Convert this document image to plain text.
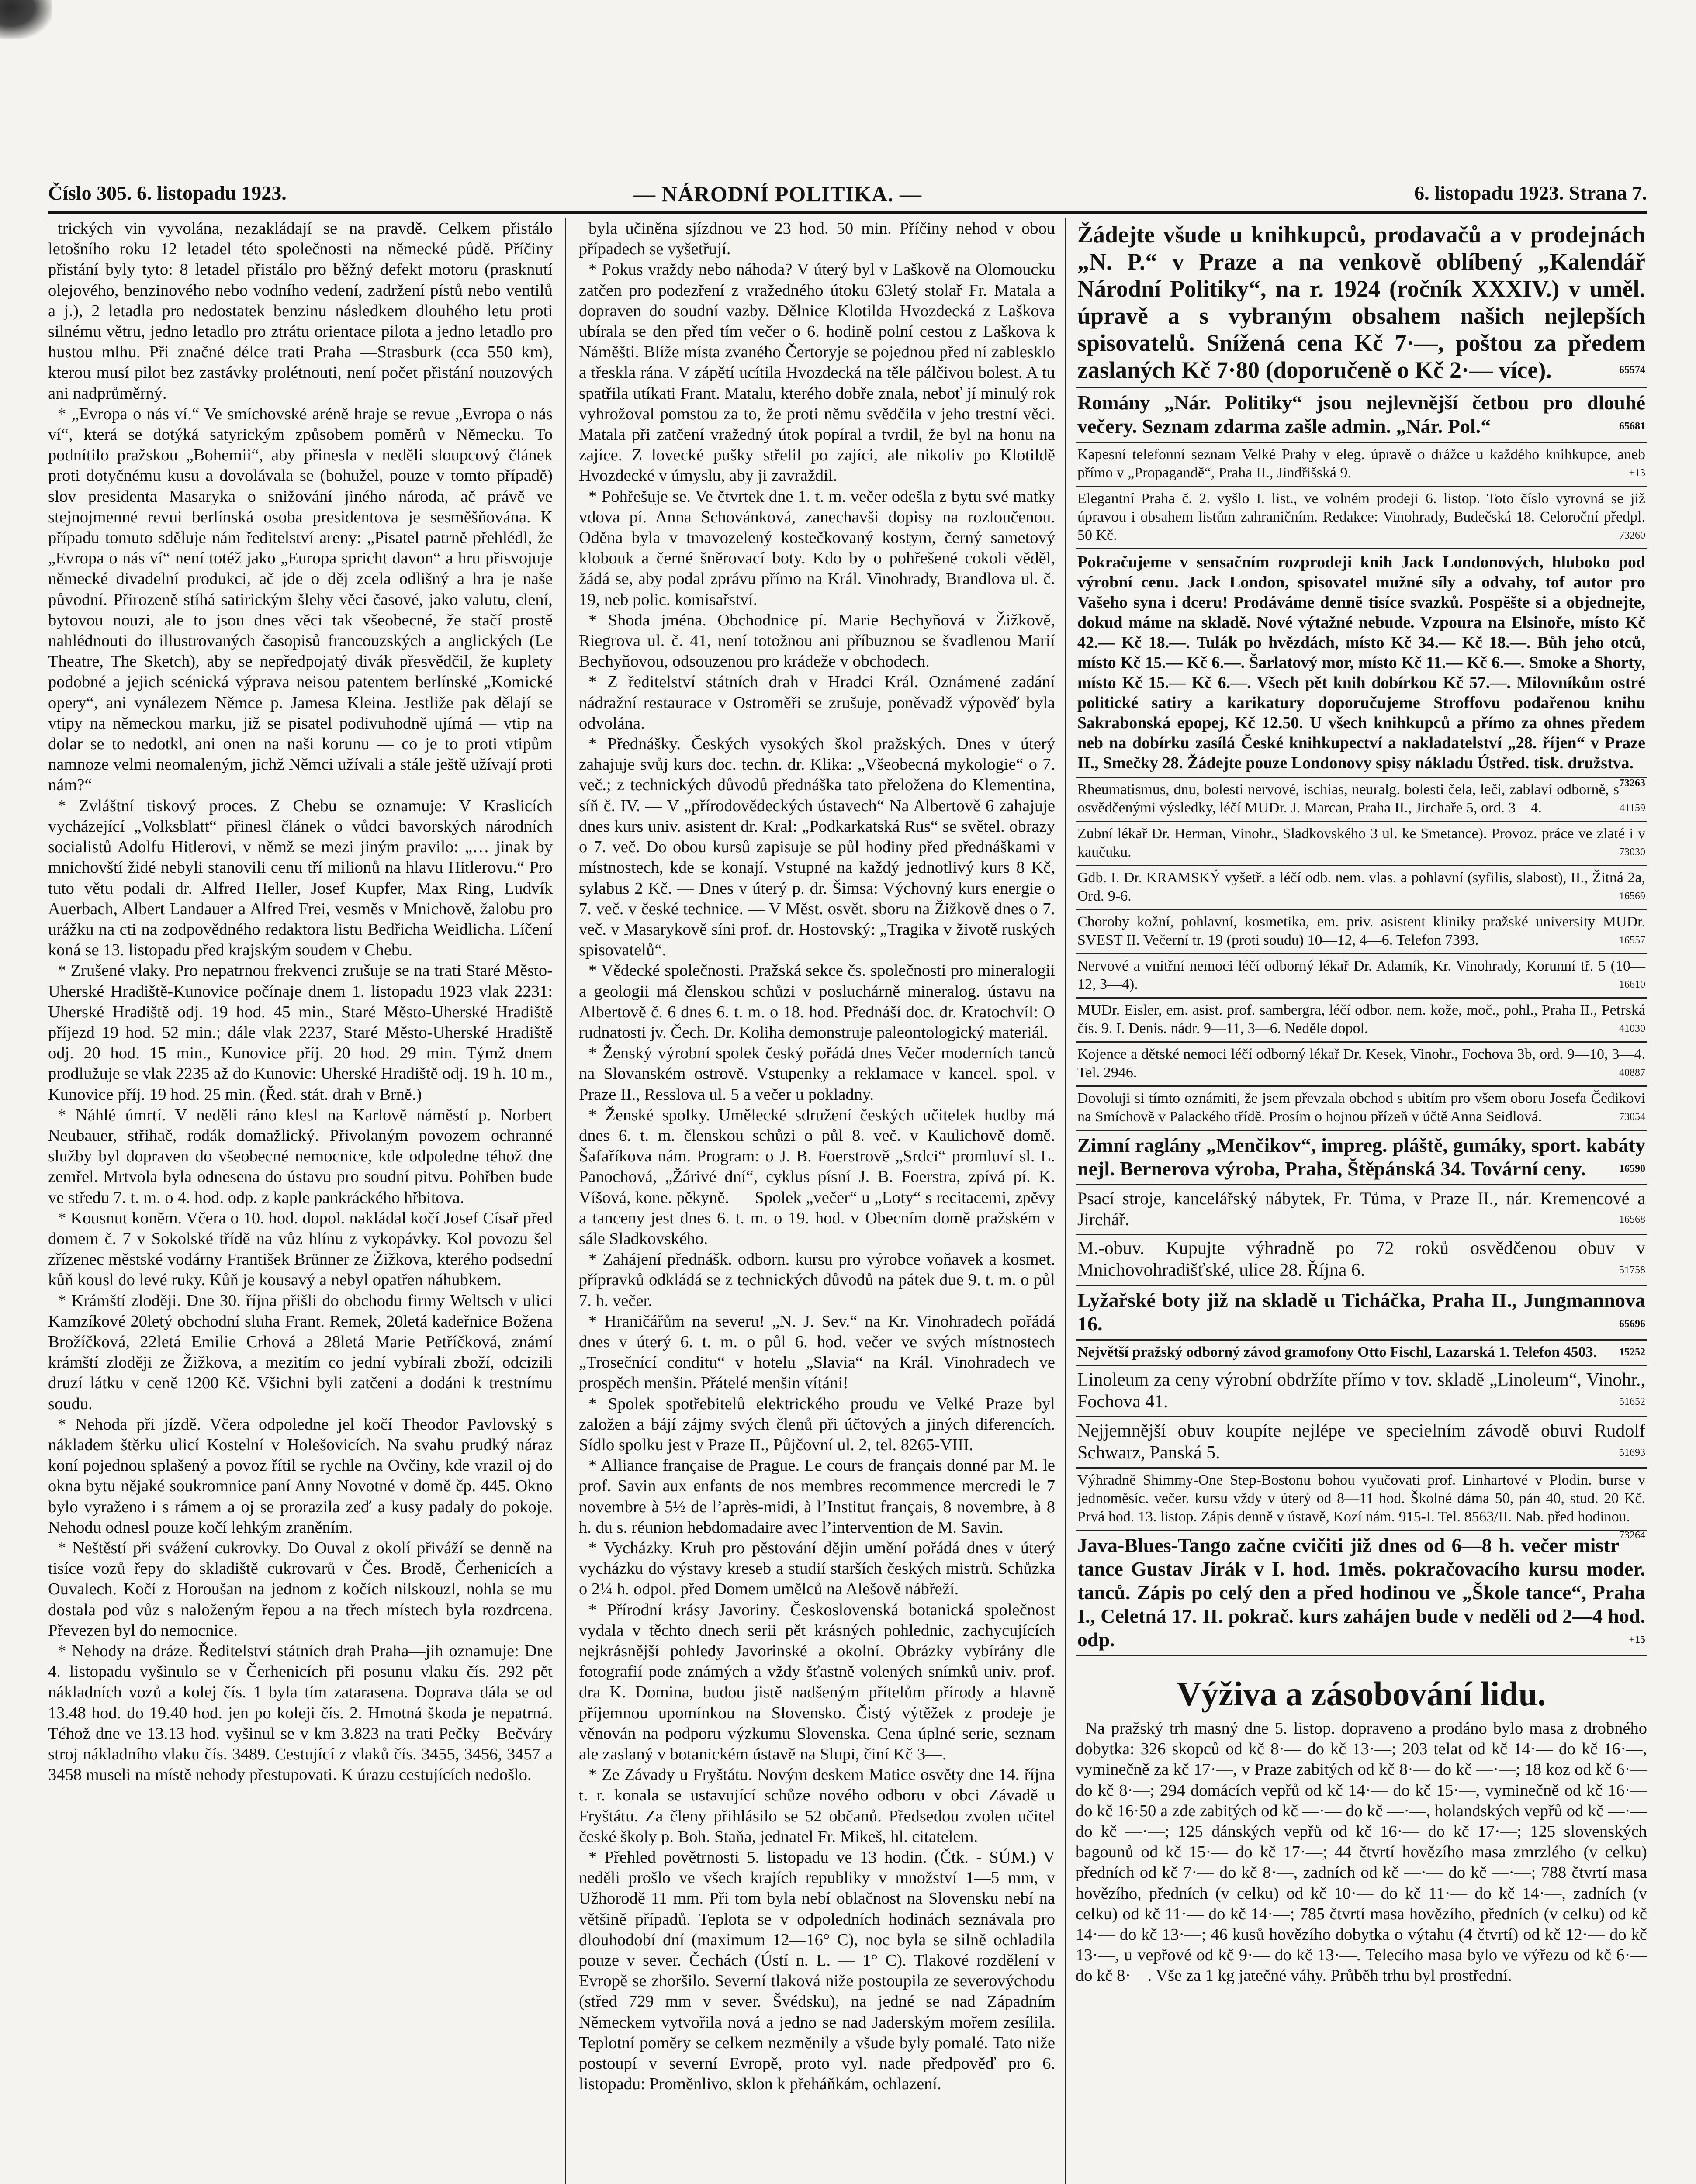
Číslo 305. 6. listopadu 1923.	— NÁRODNÍ POLITIKA. —	6. listopadu 1923. Strana 7.

trických vin vyvolána, nezakládají se na pravdě. Celkem přistálo letošního roku 12 letadel této společnosti na německé půdě. Příčiny přistání byly tyto: 8 letadel přistálo pro běžný defekt motoru (prasknutí olejového, benzinového nebo vodního vedení, zadržení pístů nebo ventilů a j.), 2 letadla pro nedostatek benzinu následkem dlouhého letu proti silnému větru, jedno letadlo pro ztrátu orientace pilota a jedno letadlo pro hustou mlhu. Při značné délce trati Praha —Strasburk (cca 550 km), kterou musí pilot bez zastávky prolétnouti, není počet přistání nouzových ani nadprůměrný.

* „Evropa o nás ví.“ Ve smíchovské aréně hraje se revue „Evropa o nás ví“, která se dotýká satyrickým způsobem poměrů v Německu. To podnítilo pražskou „Bohemii“, aby přinesla v neděli sloupcový článek proti dotyčnému kusu a dovolávala se (bohužel, pouze v tomto případě) slov presidenta Masaryka o snižování jiného národa, ač právě ve stejnojmenné revui berlínská osoba presidentova je sesměšňována. K případu tomuto sděluje nám ředitelství areny: „Pisatel patrně přehlédl, že „Evropa o nás ví“ není totéž jako „Europa spricht davon“ a hru přisvojuje německé divadelní produkci, ač jde o děj zcela odlišný a hra je naše původní. Přirozeně stíhá satirickým šlehy věci časové, jako valutu, clení, bytovou nouzi, ale to jsou dnes věci tak všeobecné, že stačí prostě nahlédnouti do illustrovaných časopisů francouzských a anglických (Le Theatre, The Sketch), aby se nepředpojatý divák přesvědčil, že kuplety podobné a jejich scénická výprava neisou patentem berlínské „Komické opery“, ani vynálezem Němce p. Jamesa Kleina. Jestliže pak dělají se vtipy na německou marku, již se pisatel podivuhodně ujímá — vtip na dolar se to nedotkl, ani onen na naši korunu — co je to proti vtipům namnoze velmi neomaleným, jichž Němci užívali a stále ještě užívají proti nám?“

* Zvláštní tiskový proces. Z Chebu se oznamuje: V Kraslicích vycházející „Volksblatt“ přinesl článek o vůdci bavorských národních socialistů Adolfu Hitlerovi, v němž se mezi jiným pravilo: „… jinak by mnichovští židé nebyli stanovili cenu tří milionů na hlavu Hitlerovu.“ Pro tuto větu podali dr. Alfred Heller, Josef Kupfer, Max Ring, Ludvík Auerbach, Albert Landauer a Alfred Frei, vesměs v Mnichově, žalobu pro urážku na cti na zodpovědného redaktora listu Bedřicha Weidlicha. Líčení koná se 13. listopadu před krajským soudem v Chebu.

* Zrušené vlaky. Pro nepatrnou frekvenci zrušuje se na trati Staré Město-Uherské Hradiště-Kunovice počínaje dnem 1. listopadu 1923 vlak 2231: Uherské Hradiště odj. 19 hod. 45 min., Staré Město-Uherské Hradiště příjezd 19 hod. 52 min.; dále vlak 2237, Staré Město-Uherské Hradiště odj. 20 hod. 15 min., Kunovice příj. 20 hod. 29 min. Týmž dnem prodlužuje se vlak 2235 až do Kunovic: Uherské Hradiště odj. 19 h. 10 m., Kunovice příj. 19 hod. 25 min. (Řed. stát. drah v Brně.)

* Náhlé úmrtí. V neděli ráno klesl na Karlově náměstí p. Norbert Neubauer, střihač, rodák domažlický. Přivolaným povozem ochranné služby byl dopraven do všeobecné nemocnice, kde odpoledne téhož dne zemřel. Mrtvola byla odnesena do ústavu pro soudní pitvu. Pohřben bude ve středu 7. t. m. o 4. hod. odp. z kaple pankráckého hřbitova.

* Kousnut koněm. Včera o 10. hod. dopol. nakládal kočí Josef Císař před domem č. 7 v Sokolské třídě na vůz hlínu z vykopávky. Kol povozu šel zřízenec městské vodárny František Brünner ze Žižkova, kterého podsední kůň kousl do levé ruky. Kůň je kousavý a nebyl opatřen náhubkem.

* Krámští zloději. Dne 30. října přišli do obchodu firmy Weltsch v ulici Kamzíkové 20letý obchodní sluha Frant. Remek, 20letá kadeřnice Božena Brožíčková, 22letá Emilie Crhová a 28letá Marie Petříčková, známí krámští zloději ze Žižkova, a mezitím co jední vybírali zboží, odcizili druzí látku v ceně 1200 Kč. Všichni byli zatčeni a dodáni k trestnímu soudu.

* Nehoda při jízdě. Včera odpoledne jel kočí Theodor Pavlovský s nákladem štěrku ulicí Kostelní v Holešovicích. Na svahu prudký náraz koní pojednou splašený a povoz řítil se rychle na Ovčiny, kde vrazil oj do okna bytu nějaké soukromnice paní Anny Novotné v domě čp. 445. Okno bylo vyraženo i s rámem a oj se prorazila zeď a kusy padaly do pokoje. Nehodu odnesl pouze kočí lehkým zraněním.

* Neštěstí při svážení cukrovky. Do Ouval z okolí přiváží se denně na tisíce vozů řepy do skladiště cukrovarů v Čes. Brodě, Čerhenicích a Ouvalech. Kočí z Horoušan na jednom z kočích nilskouzl, nohla se mu dostala pod vůz s naloženým řepou a na třech místech byla rozdrcena. Převezen byl do nemocnice.

* Nehody na dráze. Ředitelství státních drah Praha—jih oznamuje: Dne 4. listopadu vyšinulo se v Čerhenicích při posunu vlaku čís. 292 pět nákladních vozů a kolej čís. 1 byla tím zatarasena. Doprava dála se od 13.48 hod. do 19.40 hod. jen po koleji čís. 2. Hmotná škoda je nepatrná. Téhož dne ve 13.13 hod. vyšinul se v km 3.823 na trati Pečky—Bečváry stroj nákladního vlaku čís. 3489. Cestující z vlaků čís. 3455, 3456, 3457 a 3458 museli na místě nehody přestupovati. K úrazu cestujících nedošlo.

byla učiněna sjízdnou ve 23 hod. 50 min. Příčiny nehod v obou případech se vyšetřují.

* Pokus vraždy nebo náhoda? V úterý byl v Laškově na Olomoucku zatčen pro podezření z vražedného útoku 63letý stolař Fr. Matala a dopraven do soudní vazby. Dělnice Klotilda Hvozdecká z Laškova ubírala se den před tím večer o 6. hodině polní cestou z Laškova k Náměšti. Blíže místa zvaného Čertoryje se pojednou před ní zablesklo a třeskla rána. V zápětí ucítila Hvozdecká na těle pálčivou bolest. A tu spatřila utíkati Frant. Matalu, kterého dobře znala, neboť jí minulý rok vyhrožoval pomstou za to, že proti němu svědčila v jeho trestní věci. Matala při zatčení vražedný útok popíral a tvrdil, že byl na honu na zajíce. Z lovecké pušky střelil po zajíci, ale nikoliv po Klotildě Hvozdecké v úmyslu, aby ji zavraždil.

* Pohřešuje se. Ve čtvrtek dne 1. t. m. večer odešla z bytu své matky vdova pí. Anna Schovánková, zanechavši dopisy na rozloučenou. Oděna byla v tmavozelený kostečkovaný kostym, černý sametový klobouk a černé šněrovací boty. Kdo by o pohřešené cokoli věděl, žádá se, aby podal zprávu přímo na Král. Vinohrady, Brandlova ul. č. 19, neb polic. komisařství.

* Shoda jména. Obchodnice pí. Marie Bechyňová v Žižkově, Riegrova ul. č. 41, není totožnou ani příbuznou se švadlenou Marií Bechyňovou, odsouzenou pro krádeže v obchodech.

* Z ředitelství státních drah v Hradci Král. Oznámené zadání nádražní restaurace v Ostroměři se zrušuje, poněvadž výpověď byla odvolána.

* Přednášky. Českých vysokých škol pražských. Dnes v úterý zahajuje svůj kurs doc. techn. dr. Klika: „Všeobecná mykologie“ o 7. več.; z technických důvodů přednáška tato přeložena do Klementina, síň č. IV. — V „přírodovědeckých ústavech“ Na Albertově 6 zahajuje dnes kurs univ. asistent dr. Kral: „Podkarkatská Rus“ se světel. obrazy o 7. več. Do obou kursů zapisuje se půl hodiny před přednáškami v místnostech, kde se konají. Vstupné na každý jednotlivý kurs 8 Kč, sylabus 2 Kč. — Dnes v úterý p. dr. Šimsa: Výchovný kurs energie o 7. več. v české technice. — V Měst. osvět. sboru na Žižkově dnes o 7. več. v Masarykově síni prof. dr. Hostovský: „Tragika v životě ruských spisovatelů“.

* Vědecké společnosti. Pražská sekce čs. společnosti pro mineralogii a geologii má členskou schůzi v posluchárně mineralog. ústavu na Albertově č. 6 dnes 6. t. m. o 18. hod. Přednáší doc. dr. Kratochvíl: O rudnatosti jv. Čech. Dr. Koliha demonstruje paleontologický materiál.

* Ženský výrobní spolek český pořádá dnes Večer moderních tanců na Slovanském ostrově. Vstupenky a reklamace v kancel. spol. v Praze II., Resslova ul. 5 a večer u pokladny.

* Ženské spolky. Umělecké sdružení českých učitelek hudby má dnes 6. t. m. členskou schůzi o půl 8. več. v Kaulichově domě. Šafaříkova nám. Program: o J. B. Foerstrově „Srdci“ promluví sl. L. Panochová, „Žárivé dní“, cyklus písní J. B. Foerstra, zpívá pí. K. Víšová, kone. pěkyně. — Spolek „večer“ u „Loty“ s recitacemi, zpěvy a tanceny jest dnes 6. t. m. o 19. hod. v Obecním domě pražském v sále Sladkovského.

* Zahájení přednášk. odborn. kursu pro výrobce voňavek a kosmet. přípravků odkládá se z technických důvodů na pátek due 9. t. m. o půl 7. h. večer.

* Hraničářům na severu! „N. J. Sev.“ na Kr. Vinohradech pořádá dnes v úterý 6. t. m. o půl 6. hod. večer ve svých místnostech „Trosečnící conditu“ v hotelu „Slavia“ na Král. Vinohradech ve prospěch menšin. Přátelé menšin vítáni!

* Spolek spotřebitelů elektrického proudu ve Velké Praze byl založen a bájí zájmy svých členů při účtových a jiných diferencích. Sídlo spolku jest v Praze II., Půjčovní ul. 2, tel. 8265-VIII.

* Alliance française de Prague. Le cours de français donné par M. le prof. Savin aux enfants de nos membres recommence mercredi le 7 novembre à 5½ de l’après-midi, à l’Institut français, 8 novembre, à 8 h. du s. réunion hebdomadaire avec l’intervention de M. Savin.

* Vycházky. Kruh pro pěstování dějin umění pořádá dnes v úterý vycházku do výstavy kreseb a studií starších českých mistrů. Schůzka o 2¼ h. odpol. před Domem umělců na Alešově nábřeží.

* Přírodní krásy Javoriny. Československá botanická společnost vydala v těchto dnech serii pět krásných pohlednic, zachycujících nejkrásnější pohledy Javorinské a okolní. Obrázky vybírány dle fotografií pode známých a vždy šťastně volených snímků univ. prof. dra K. Domina, budou jistě nadšeným přítelům přírody a hlavně příjemnou upomínkou na Slovensko. Čistý výtěžek z prodeje je věnován na podporu výzkumu Slovenska. Cena úplné serie, seznam ale zaslaný v botanickém ústavě na Slupi, činí Kč 3—.

* Ze Závady u Fryštátu. Novým deskem Matice osvěty dne 14. října t. r. konala se ustavující schůze nového odboru v obci Závadě u Fryštátu. Za členy přihlásilo se 52 občanů. Předsedou zvolen učitel české školy p. Boh. Staňa, jednatel Fr. Mikeš, hl. citatelem.

* Přehled povětrnosti 5. listopadu ve 13 hodin. (Čtk. - SÚM.) V neděli prošlo ve všech krajích republiky v množství 1—5 mm, v Užhorodě 11 mm. Při tom byla nebí oblačnost na Slovensku nebí na většině případů. Teplota se v odpoledních hodinách seznávala pro dlouhodobí dní (maximum 12—16° C), noc byla se silně ochladila pouze v sever. Čechách (Ústí n. L. — 1° C). Tlakové rozdělení v Evropě se zhoršilo. Severní tlaková niže postoupila ze severovýchodu (střed 729 mm v sever. Švédsku), na jedné se nad Západním Německem vytvořila nová a jedno se nad Jaderským mořem zesílila. Teplotní poměry se celkem nezměnily a všude byly pomalé. Tato niže postoupí v severní Evropě, proto vyl. nade předpověď pro 6. listopadu: Proměnlivo, sklon k přeháňkám, ochlazení.

Žádejte všude u knihkupců, prodavačů a v prodejnách „N. P.“ v Praze a na venkově oblíbený „Kalendář Národní Politiky“, na r. 1924 (ročník XXXIV.) v uměl. úpravě a s vybraným obsahem našich nejlepších spisovatelů. Snížená cena Kč 7·—, poštou za předem zaslaných Kč 7·80 (doporučeně o Kč 2·— více).	65574
Romány „Nár. Politiky“ jsou nejlevnější četbou pro dlouhé večery. Seznam zdarma zašle admin. „Nár. Pol.“	65681
Kapesní telefonní seznam Velké Prahy v eleg. úpravě o drážce u každého knihkupce, aneb přímo v „Propagandě“, Praha II., Jindřišská 9.	+13
Elegantní Praha č. 2. vyšlo I. list., ve volném prodeji 6. listop. Toto číslo vyrovná se již úpravou i obsahem listům zahraničním. Redakce: Vinohrady, Budečská 18. Celoroční předpl. 50 Kč.	73260
Pokračujeme v sensačním rozprodeji knih Jack Londonových, hluboko pod výrobní cenu. Jack London, spisovatel mužné síly a odvahy, tof autor pro Vašeho syna i dceru! Prodáváme denně tisíce svazků. Pospěšte si a objednejte, dokud máme na skladě. Nové výtažné nebude. Vzpoura na Elsinoře, místo Kč 42.— Kč 18.—. Tulák po hvězdách, místo Kč 34.— Kč 18.—. Bůh jeho otců, místo Kč 15.— Kč 6.—. Šarlatový mor, místo Kč 11.— Kč 6.—. Smoke a Shorty, místo Kč 15.— Kč 6.—. Všech pět knih dobírkou Kč 57.—. Milovníkům ostré politické satiry a karikatury doporučujeme Stroffovu podařenou knihu Sakrabonská epopej, Kč 12.50. U všech knihkupců a přímo za ohnes předem neb na dobírku zasílá České knihkupectví a nakladatelství „28. říjen“ v Praze II., Smečky 28. Žádejte pouze Londonovy spisy nákladu Ústřed. tisk. družstva.
73263
Rheumatismus, dnu, bolesti nervové, ischias, neuralg. bolesti čela, leči, zablaví odborně, s osvědčenými výsledky, léčí MUDr. J. Marcan, Praha II., Jirchaře 5, ord. 3—4.	41159
Zubní lékař Dr. Herman, Vinohr., Sladkovského 3 ul. ke Smetance). Provoz. práce ve zlaté i v kaučuku.	73030
Gdb. I. Dr. KRAMSKÝ vyšetř. a léčí odb. nem. vlas. a pohlavní (syfilis, slabost), II., Žitná 2a, Ord. 9-6.	16569
Choroby kožní, pohlavní, kosmetika, em. priv. asistent kliniky pražské university MUDr. SVEST II. Večerní tr. 19 (proti soudu) 10—12, 4—6. Telefon 7393.	16557
Nervové a vnitřní nemoci léčí odborný lékař Dr. Adamík, Kr. Vinohrady, Korunní tř. 5 (10—12, 3—4).	16610
MUDr. Eisler, em. asist. prof. sambergra, léčí odbor. nem. kože, moč., pohl., Praha II., Petrská čís. 9. I. Denis. nádr. 9—11, 3—6. Neděle dopol.	41030
Kojence a dětské nemoci léčí odborný lékař Dr. Kesek, Vinohr., Fochova 3b, ord. 9—10, 3—4. Tel. 2946.	40887
Dovoluji si tímto oznámiti, že jsem převzala obchod s ubitím pro všem oboru Josefa Čedikovi na Smíchově v Palackého třídě. Prosím o hojnou přízeň v účtě Anna Seidlová.	73054
Zimní raglány „Menčikov“, impreg. pláště, gumáky, sport. kabáty nejl. Bernerova výroba, Praha, Štěpánská 34. Tovární ceny.	16590
Psací stroje, kancelářský nábytek, Fr. Tůma, v Praze II., nár. Kremencové a Jirchář.	16568
M.-obuv. Kupujte výhradně po 72 roků osvědčenou obuv v Mnichovohradišťské, ulice 28. Října 6.	51758
Lyžařské boty již na skladě u Ticháčka, Praha II., Jungmannova 16.	65696
Největší pražský odborný závod gramofony Otto Fischl, Lazarská 1. Telefon 4503. 15252
Linoleum za ceny výrobní obdržíte přímo v tov. skladě „Linoleum“, Vinohr., Fochova 41.	51652
Nejjemnější obuv koupíte nejlépe ve specielním závodě obuvi Rudolf Schwarz, Panská 5.	51693
Výhradně Shimmy-One Step-Bostonu bohou vyučovati prof. Linhartové v Plodin. burse v jednoměsíc. večer. kursu vždy v úterý od 8—11 hod. Školné dáma 50, pán 40, stud. 20 Kč. Prvá hod. 13. listop. Zápis denně v ústavě, Kozí nám. 915-I. Tel. 8563/II. Nab. před hodinou.
73264
Java-Blues-Tango začne cvičiti již dnes od 6—8 h. večer mistr tance Gustav Jirák v I. hod. 1měs. pokračovacího kursu moder. tanců. Zápis po celý den a před hodinou ve „Škole tance“, Praha I., Celetná 17. II. pokrač. kurs zahájen bude v neděli od 2—4 hod. odp.	+15
Výživa a zásobování lidu.

Na pražský trh masný dne 5. listop. dopraveno a prodáno bylo masa z drobného dobytka: 326 skopců od kč 8·— do kč 13·—; 203 telat od kč 14·— do kč 16·—, vyminečně za kč 17·—, v Praze zabitých od kč 8·— do kč —·—; 18 koz od kč 6·— do kč 8·—; 294 domácích vepřů od kč 14·— do kč 15·—, vyminečně od kč 16·— do kč 16·50 a zde zabitých od kč —·— do kč —·—, holandských vepřů od kč —·— do kč —·—; 125 dánských vepřů od kč 16·— do kč 17·—; 125 slovenských bagounů od kč 15·— do kč 17·—; 44 čtvrtí hovězího masa zmrzlého (v celku) předních od kč 7·— do kč 8·—, zadních od kč —·— do kč —·—; 788 čtvrtí masa hovězího, předních (v celku) od kč 10·— do kč 11·— do kč 14·—, zadních (v celku) od kč 11·— do kč 14·—; 785 čtvrtí masa hovězího, předních (v celku) od kč 14·— do kč 13·—; 46 kusů hovězího dobytka o výtahu (4 čtvrtí) od kč 12·— do kč 13·—, u vepřové od kč 9·— do kč 13·—. Telecího masa bylo ve výřezu od kč 6·— do kč 8·—. Vše za 1 kg jatečné váhy. Průběh trhu byl prostřední.
